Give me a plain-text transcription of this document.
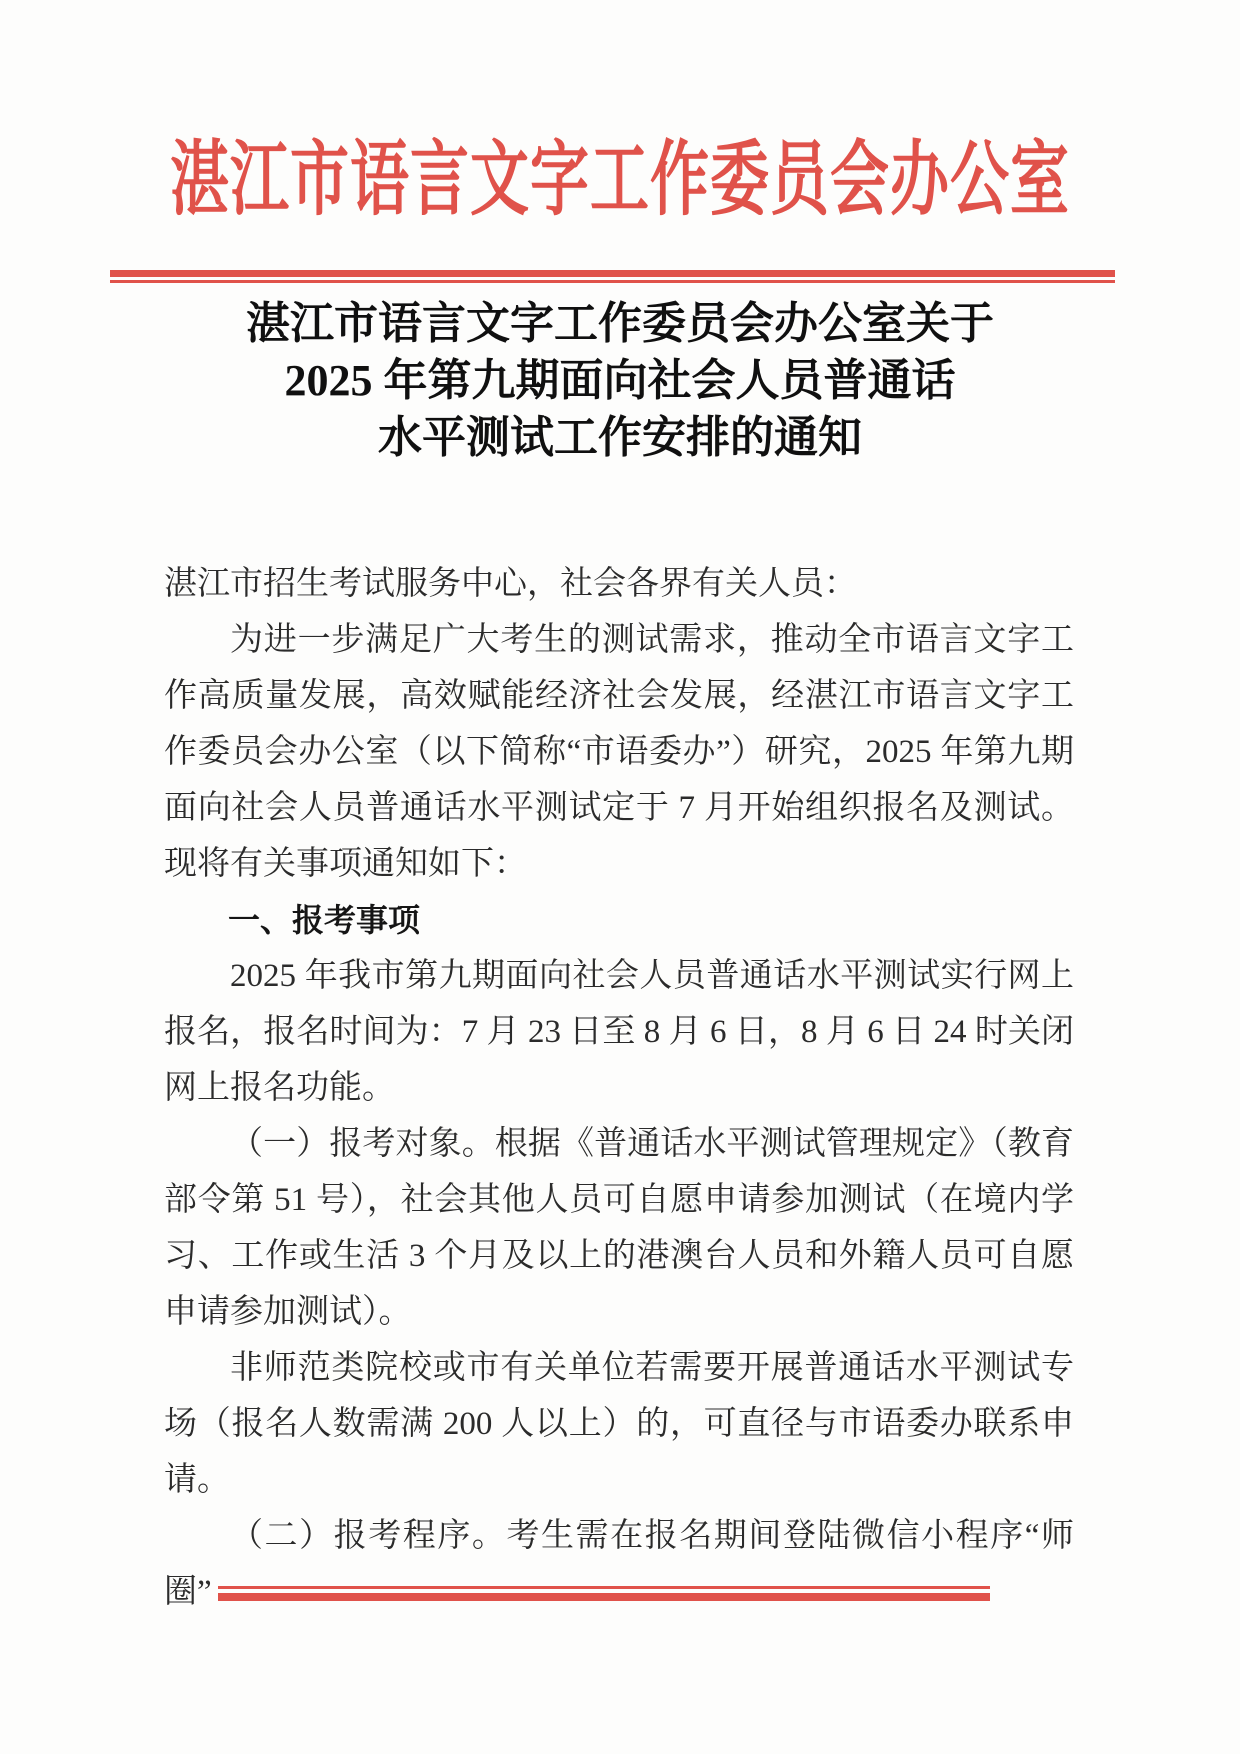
湛江市语言文字工作委员会办公室
湛江市语言文字工作委员会办公室关于
2025 年第九期面向社会人员普通话
水平测试工作安排的通知

湛江市招生考试服务中心，社会各界有关人员：

为进一步满足广大考生的测试需求，推动全市语言文字工作高质量发展，高效赋能经济社会发展，经湛江市语言文字工作委员会办公室（以下简称“市语委办”）研究，2025 年第九期面向社会人员普通话水平测试定于 7 月开始组织报名及测试。现将有关事项通知如下：

一、报考事项

2025 年我市第九期面向社会人员普通话水平测试实行网上报名，报名时间为：7 月 23 日至 8 月 6 日，8 月 6 日 24 时关闭网上报名功能。

（一）报考对象。根据《普通话水平测试管理规定》（教育部令第 51 号），社会其他人员可自愿申请参加测试（在境内学习、工作或生活 3 个月及以上的港澳台人员和外籍人员可自愿申请参加测试）。

非师范类院校或市有关单位若需要开展普通话水平测试专场（报名人数需满 200 人以上）的，可直径与市语委办联系申请。

（二）报考程序。考生需在报名期间登陆微信小程序“师圈”
